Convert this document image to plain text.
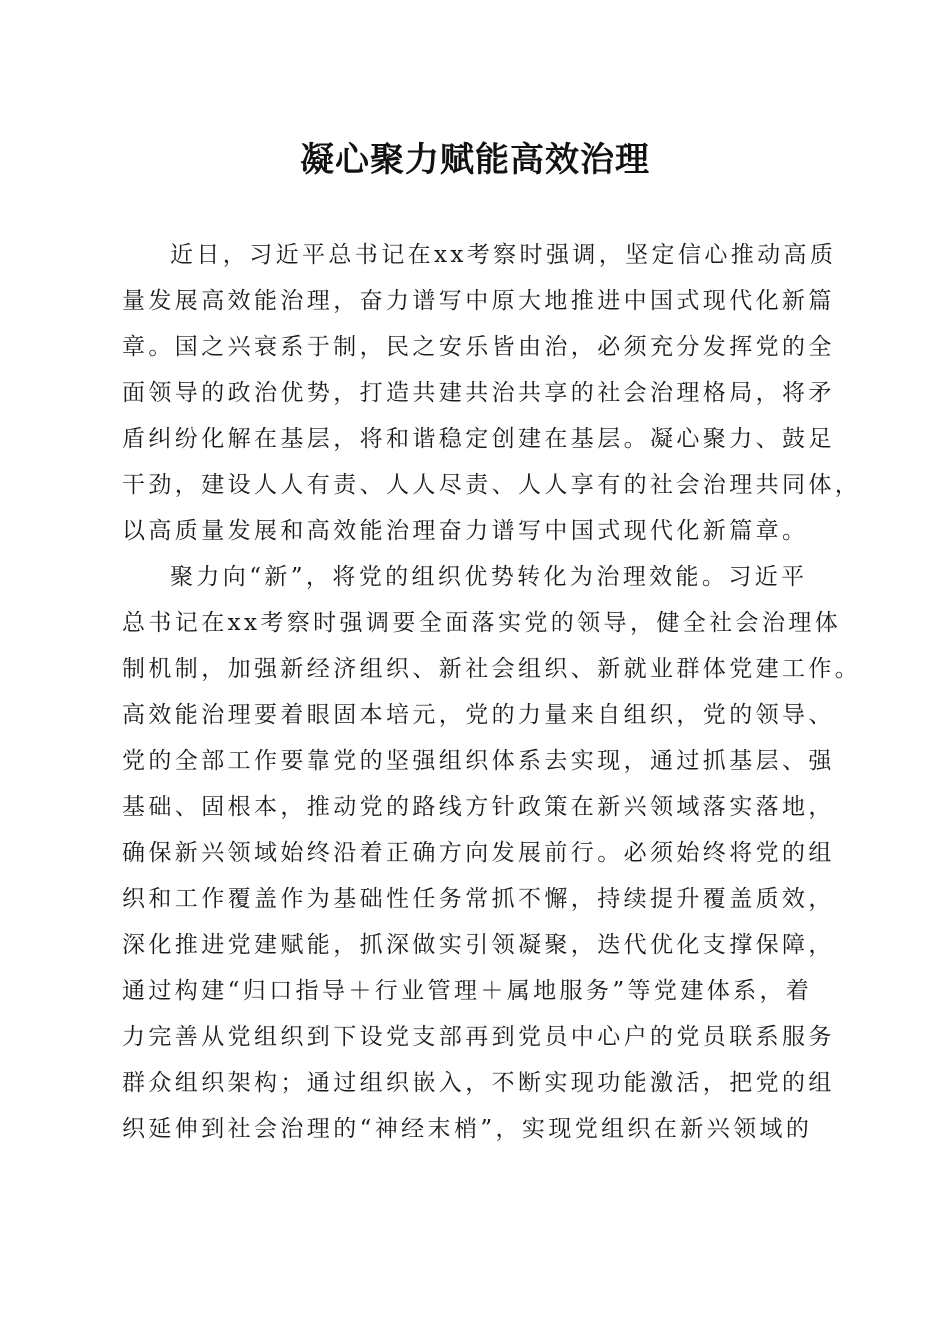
凝心聚力赋能高效治理
近日，习近平总书记在xx考察时强调，坚定信心推动高质
量发展高效能治理，奋力谱写中原大地推进中国式现代化新篇
章。国之兴衰系于制，民之安乐皆由治，必须充分发挥党的全
面领导的政治优势，打造共建共治共享的社会治理格局，将矛
盾纠纷化解在基层，将和谐稳定创建在基层。凝心聚力、鼓足
干劲，建设人人有责、人人尽责、人人享有的社会治理共同体，
以高质量发展和高效能治理奋力谱写中国式现代化新篇章。
聚力向“新”，将党的组织优势转化为治理效能。习近平
总书记在xx考察时强调要全面落实党的领导，健全社会治理体
制机制，加强新经济组织、新社会组织、新就业群体党建工作。
高效能治理要着眼固本培元，党的力量来自组织，党的领导、
党的全部工作要靠党的坚强组织体系去实现，通过抓基层、强
基础、固根本，推动党的路线方针政策在新兴领域落实落地，
确保新兴领域始终沿着正确方向发展前行。必须始终将党的组
织和工作覆盖作为基础性任务常抓不懈，持续提升覆盖质效，
深化推进党建赋能，抓深做实引领凝聚，迭代优化支撑保障，
通过构建“归口指导＋行业管理＋属地服务”等党建体系，着
力完善从党组织到下设党支部再到党员中心户的党员联系服务
群众组织架构；通过组织嵌入，不断实现功能激活，把党的组
织延伸到社会治理的“神经末梢”，实现党组织在新兴领域的
